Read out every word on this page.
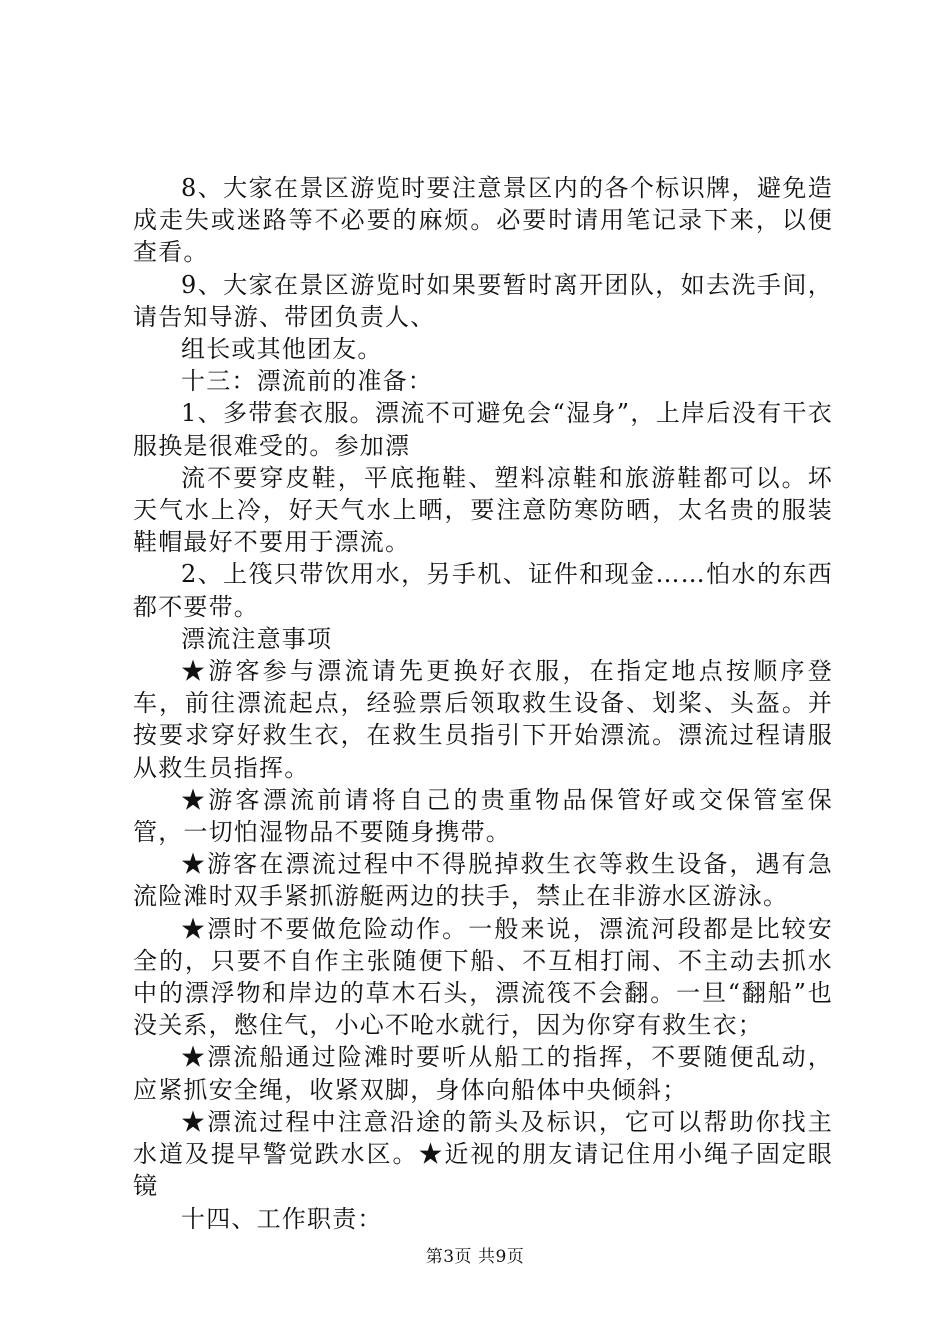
8、大家在景区游览时要注意景区内的各个标识牌，避免造成走失或迷路等不必要的麻烦。必要时请用笔记录下来，以便查看。

9、大家在景区游览时如果要暂时离开团队，如去洗手间，请告知导游、带团负责人、

组长或其他团友。

十三：漂流前的准备：

1、多带套衣服。漂流不可避免会“湿身”，上岸后没有干衣服换是很难受的。参加漂

流不要穿皮鞋，平底拖鞋、塑料凉鞋和旅游鞋都可以。坏天气水上冷，好天气水上晒，要注意防寒防晒，太名贵的服装鞋帽最好不要用于漂流。

2、上筏只带饮用水，另手机、证件和现金……怕水的东西都不要带。

漂流注意事项

★游客参与漂流请先更换好衣服，在指定地点按顺序登车，前往漂流起点，经验票后领取救生设备、划桨、头盔。并按要求穿好救生衣，在救生员指引下开始漂流。漂流过程请服从救生员指挥。

★游客漂流前请将自己的贵重物品保管好或交保管室保管，一切怕湿物品不要随身携带。

★游客在漂流过程中不得脱掉救生衣等救生设备，遇有急流险滩时双手紧抓游艇两边的扶手，禁止在非游水区游泳。

★漂时不要做危险动作。一般来说，漂流河段都是比较安全的，只要不自作主张随便下船、不互相打闹、不主动去抓水中的漂浮物和岸边的草木石头，漂流筏不会翻。一旦“翻船”也没关系，憋住气，小心不呛水就行，因为你穿有救生衣；

★漂流船通过险滩时要听从船工的指挥，不要随便乱动，应紧抓安全绳，收紧双脚，身体向船体中央倾斜；

★漂流过程中注意沿途的箭头及标识，它可以帮助你找主水道及提早警觉跌水区。★近视的朋友请记住用小绳子固定眼镜

十四、工作职责：

第3页 共9页
